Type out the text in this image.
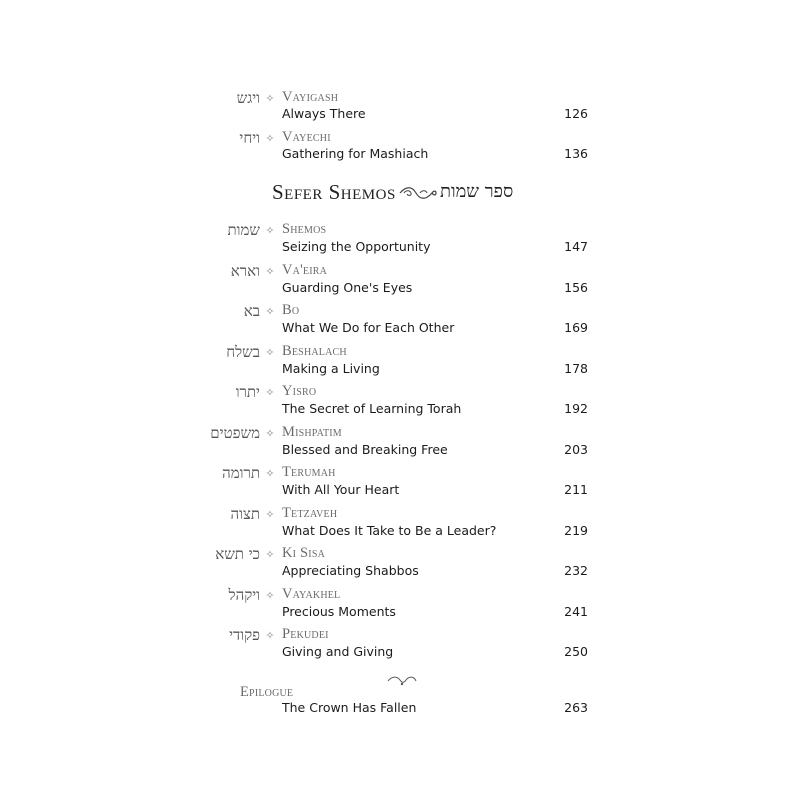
ויגש ✧ Vayigash
Always There	126
ויחי ✧ Vayechi
Gathering for Mashiach	136
Sefer Shemos ספר שמות
שמות ✧ Shemos
Seizing the Opportunity	147
וארא ✧ Va'eira
Guarding One's Eyes	156
בא ✧ Bo
What We Do for Each Other	169
בשלח ✧ Beshalach
Making a Living	178
יתרו ✧ Yisro
The Secret of Learning Torah	192
משפטים ✧ Mishpatim
Blessed and Breaking Free	203
תרומה ✧ Terumah
With All Your Heart	211
תצוה ✧ Tetzaveh
What Does It Take to Be a Leader?	219
כי תשא ✧ Ki Sisa
Appreciating Shabbos	232
ויקהל ✧ Vayakhel
Precious Moments	241
פקודי ✧ Pekudei
Giving and Giving	250
Epilogue
The Crown Has Fallen	263
